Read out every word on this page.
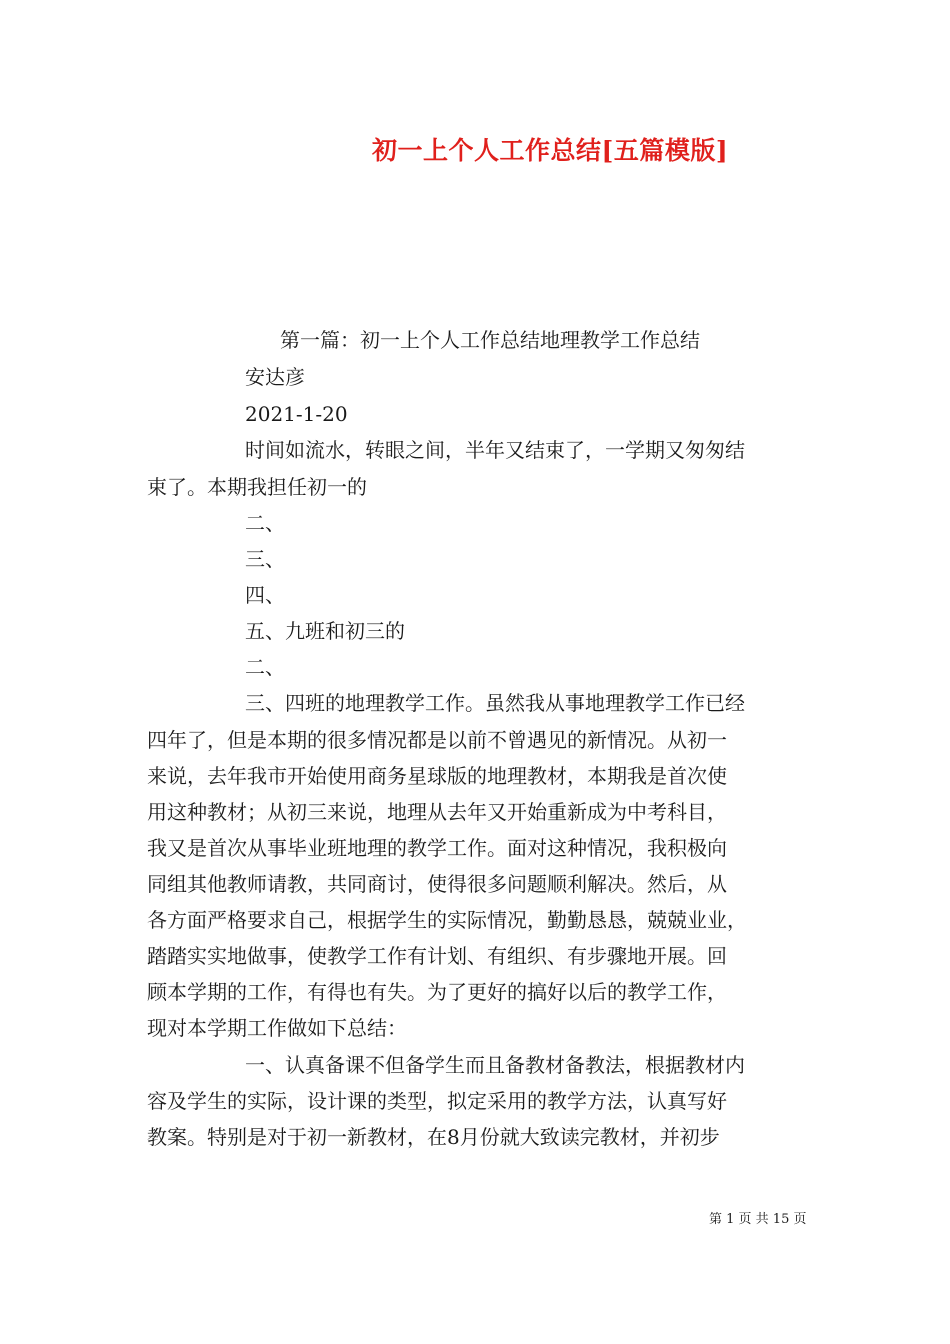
初一上个人工作总结[五篇模版]
第一篇：初一上个人工作总结地理教学工作总结
安达彦
2021-1-20
时间如流水，转眼之间，半年又结束了，一学期又匆匆结
束了。本期我担任初一的
二、
三、
四、
五、九班和初三的
二、
三、四班的地理教学工作。虽然我从事地理教学工作已经
四年了，但是本期的很多情况都是以前不曾遇见的新情况。从初一
来说，去年我市开始使用商务星球版的地理教材，本期我是首次使
用这种教材；从初三来说，地理从去年又开始重新成为中考科目，
我又是首次从事毕业班地理的教学工作。面对这种情况，我积极向
同组其他教师请教，共同商讨，使得很多问题顺利解决。然后，从
各方面严格要求自己，根据学生的实际情况，勤勤恳恳，兢兢业业，
踏踏实实地做事，使教学工作有计划、有组织、有步骤地开展。回
顾本学期的工作，有得也有失。为了更好的搞好以后的教学工作，
现对本学期工作做如下总结：
一、认真备课不但备学生而且备教材备教法，根据教材内
容及学生的实际，设计课的类型，拟定采用的教学方法，认真写好
教案。特别是对于初一新教材，在8月份就大致读完教材，并初步
第 1 页 共 15 页
